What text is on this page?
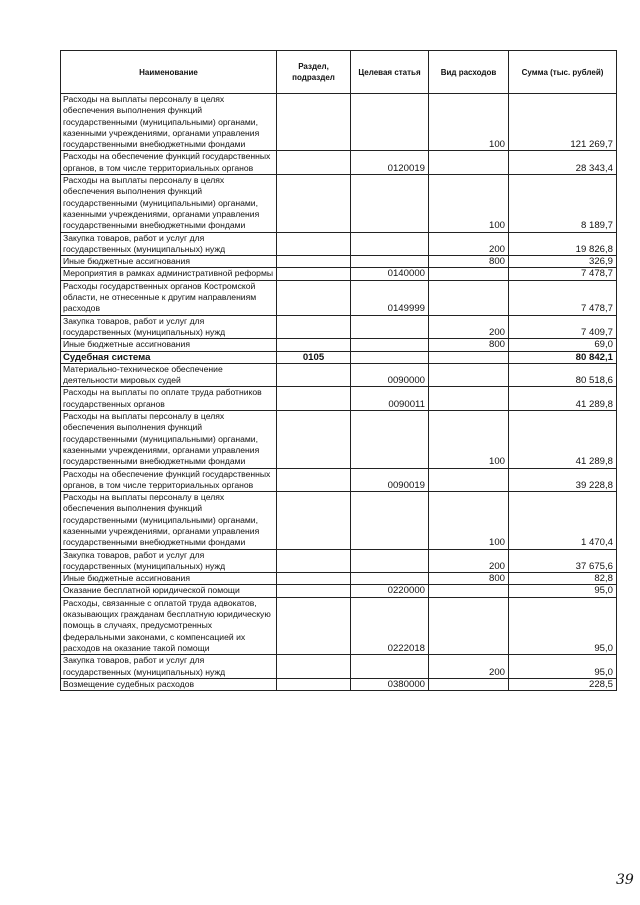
Наименование	Раздел, подраздел	Целевая статья	Вид расходов	Сумма (тыс. рублей)
Расходы на выплаты персоналу в целях обеспечения выполнения функций государственными (муниципальными) органами, казенными учреждениями, органами управления государственными внебюджетными фондами			100	121 269,7
Расходы на обеспечение функций государственных органов, в том числе территориальных органов		0120019		28 343,4
Расходы на выплаты персоналу в целях обеспечения выполнения функций государственными (муниципальными) органами, казенными учреждениями, органами управления государственными внебюджетными фондами			100	8 189,7
Закупка товаров, работ и услуг для государственных (муниципальных) нужд			200	19 826,8
Иные бюджетные ассигнования			800	326,9
Мероприятия в рамках административной реформы		0140000		7 478,7
Расходы государственных органов Костромской области, не отнесенные к другим направлениям расходов		0149999		7 478,7
Закупка товаров, работ и услуг для государственных (муниципальных) нужд			200	7 409,7
Иные бюджетные ассигнования			800	69,0
Судебная система	0105			80 842,1
Материально-техническое обеспечение деятельности мировых судей		0090000		80 518,6
Расходы на выплаты по оплате труда работников государственных органов		0090011		41 289,8
Расходы на выплаты персоналу в целях обеспечения выполнения функций государственными (муниципальными) органами, казенными учреждениями, органами управления государственными внебюджетными фондами			100	41 289,8
Расходы на обеспечение функций государственных органов, в том числе территориальных органов		0090019		39 228,8
Расходы на выплаты персоналу в целях обеспечения выполнения функций государственными (муниципальными) органами, казенными учреждениями, органами управления государственными внебюджетными фондами			100	1 470,4
Закупка товаров, работ и услуг для государственных (муниципальных) нужд			200	37 675,6
Иные бюджетные ассигнования			800	82,8
Оказание бесплатной юридической помощи		0220000		95,0
Расходы, связанные с оплатой труда адвокатов, оказывающих гражданам бесплатную юридическую помощь в случаях, предусмотренных федеральными законами, с компенсацией их расходов на оказание такой помощи		0222018		95,0
Закупка товаров, работ и услуг для государственных (муниципальных) нужд			200	95,0
Возмещение судебных расходов		0380000		228,5
39
